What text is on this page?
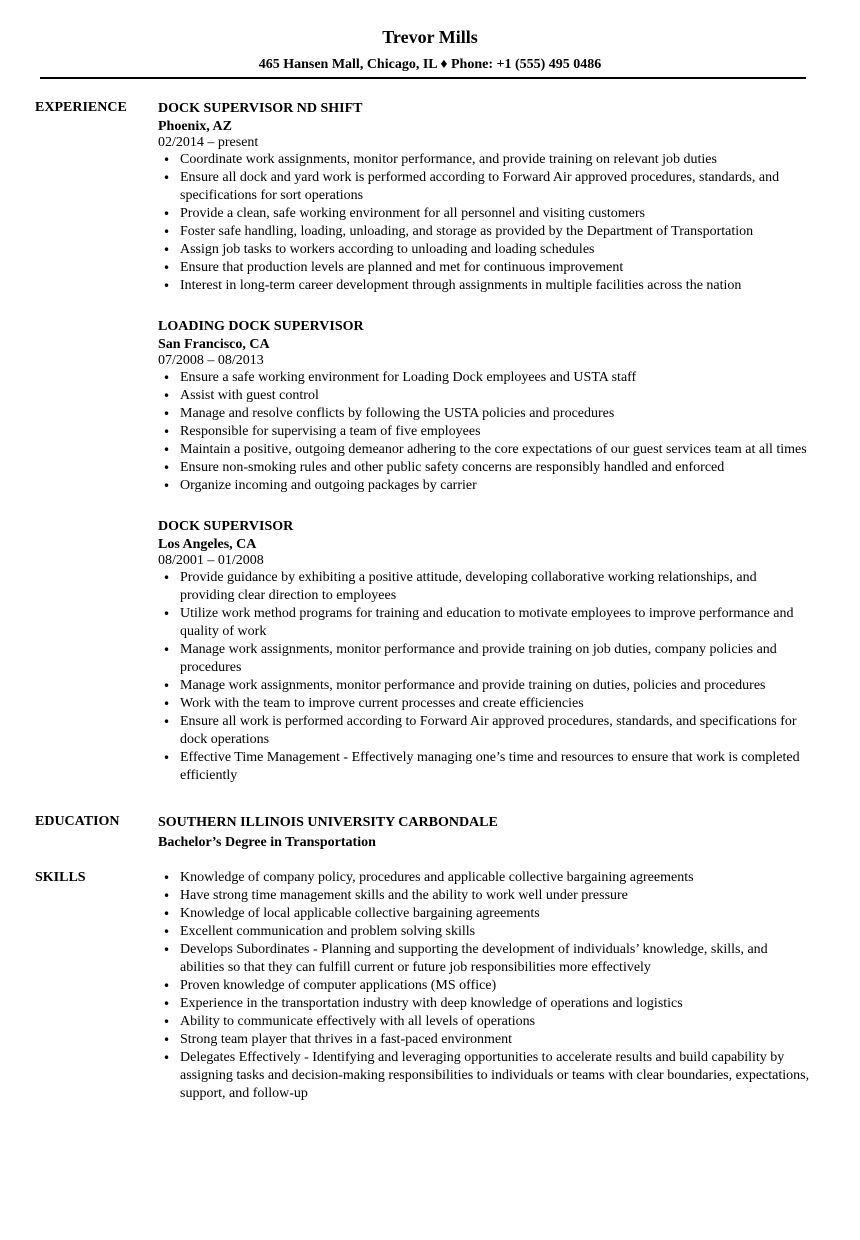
Trevor Mills
465 Hansen Mall, Chicago, IL ♦ Phone: +1 (555) 495 0486
EXPERIENCE	DOCK SUPERVISOR ND SHIFT
Phoenix, AZ
02/2014 – present
• Coordinate work assignments, monitor performance, and provide training on relevant job duties
• Ensure all dock and yard work is performed according to Forward Air approved procedures, standards, and specifications for sort operations
• Provide a clean, safe working environment for all personnel and visiting customers
• Foster safe handling, loading, unloading, and storage as provided by the Department of Transportation
• Assign job tasks to workers according to unloading and loading schedules
• Ensure that production levels are planned and met for continuous improvement
• Interest in long-term career development through assignments in multiple facilities across the nation
LOADING DOCK SUPERVISOR
San Francisco, CA
07/2008 – 08/2013
• Ensure a safe working environment for Loading Dock employees and USTA staff
• Assist with guest control
• Manage and resolve conflicts by following the USTA policies and procedures
• Responsible for supervising a team of five employees
• Maintain a positive, outgoing demeanor adhering to the core expectations of our guest services team at all times
• Ensure non-smoking rules and other public safety concerns are responsibly handled and enforced
• Organize incoming and outgoing packages by carrier
DOCK SUPERVISOR
Los Angeles, CA
08/2001 – 01/2008
• Provide guidance by exhibiting a positive attitude, developing collaborative working relationships, and providing clear direction to employees
• Utilize work method programs for training and education to motivate employees to improve performance and quality of work
• Manage work assignments, monitor performance and provide training on job duties, company policies and procedures
• Manage work assignments, monitor performance and provide training on duties, policies and procedures
• Work with the team to improve current processes and create efficiencies
• Ensure all work is performed according to Forward Air approved procedures, standards, and specifications for dock operations
• Effective Time Management - Effectively managing one’s time and resources to ensure that work is completed efficiently
EDUCATION	SOUTHERN ILLINOIS UNIVERSITY CARBONDALE
Bachelor’s Degree in Transportation
SKILLS
•	Knowledge of company policy, procedures and applicable collective bargaining agreements
• Have strong time management skills and the ability to work well under pressure
• Knowledge of local applicable collective bargaining agreements
• Excellent communication and problem solving skills
• Develops Subordinates - Planning and supporting the development of individuals’ knowledge, skills, and abilities so that they can fulfill current or future job responsibilities more effectively
• Proven knowledge of computer applications (MS office)
• Experience in the transportation industry with deep knowledge of operations and logistics
• Ability to communicate effectively with all levels of operations
• Strong team player that thrives in a fast-paced environment
• Delegates Effectively - Identifying and leveraging opportunities to accelerate results and build capability by assigning tasks and decision-making responsibilities to individuals or teams with clear boundaries, expectations, support, and follow-up
